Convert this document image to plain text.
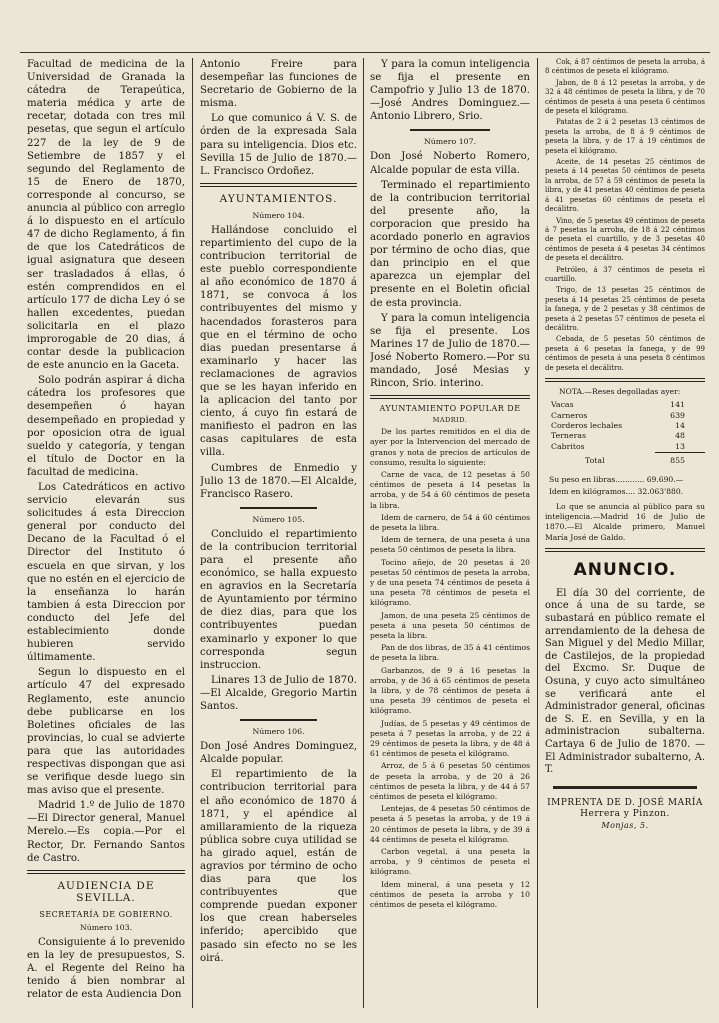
Facultad de medicina de la Universidad de Granada la cátedra de Terapeútica, materia médica y arte de recetar, dotada con tres mil pesetas, que segun el artículo 227 de la ley de 9 de Setiembre de 1857 y el segundo del Reglamento de 15 de Enero de 1870, corresponde al concurso, se anuncia al público con arreglo á lo dispuesto en el artículo 47 de dicho Reglamento, á fin de que los Catedráticos de igual asignatura que deseen ser trasladados á ellas, ó estén comprendidos en el artículo 177 de dicha Ley ó se hallen excedentes, puedan solicitarla en el plazo improrogable de 20 dias, á contar desde la publicacion de este anuncio en la Gaceta.

Solo podrán aspirar á dicha cátedra los profesores que desempeñen ó hayan desempeñado en propiedad y por oposicion otra de igual sueldo y categoría, y tengan el título de Doctor en la facultad de medicina.

Los Catedráticos en activo servicio elevarán sus solicitudes á esta Direccion general por conducto del Decano de la Facultad ó el Director del Instituto ó escuela en que sirvan, y los que no estén en el ejercicio de la enseñanza lo harán tambien á esta Direccion por conducto del Jefe del establecimiento donde hubieren servido últimamente.

Segun lo dispuesto en el artículo 47 del expresado Reglamento, este anuncio debe publicarse en los Boletines oficiales de las provincias, lo cual se advierte para que las autoridades respectivas dispongan que asi se verifique desde luego sin mas aviso que el presente.

Madrid 1.º de Julio de 1870 —El Director general, Manuel Merelo.—Es copia.—Por el Rector, Dr. Fernando Santos de Castro.

AUDIENCIA DE SEVILLA.
SECRETARÍA DE GOBIERNO.
Número 103.

Consiguiente á lo prevenido en la ley de presupuestos, S. A. el Regente del Reino ha tenido á bien nombrar al relator de esta Audiencia Don

Antonio Freire para desempeñar las funciones de Secretario de Gobierno de la misma.

Lo que comunico á V. S. de órden de la expresada Sala para su inteligencia. Dios etc. Sevilla 15 de Julio de 1870.—L. Francisco Ordoñez.

AYUNTAMIENTOS.
Número 104.

Hallándose concluido el repartimiento del cupo de la contribucion territorial de este pueblo correspondiente al año económico de 1870 á 1871, se convoca á los contribuyentes del mismo y hacendados forasteros para que en el término de ocho dias puedan presentarse á examinarlo y hacer las reclamaciones de agravios que se les hayan inferido en la aplicacion del tanto por ciento, á cuyo fin estará de manifiesto el padron en las casas capitulares de esta villa.

Cumbres de Enmedio y Julio 13 de 1870.—El Alcalde, Francisco Rasero.

Número 105.

Concluido el repartimiento de la contribucion territorial para el presente año económico, se halla expuesto en agravios en la Secretaría de Ayuntamiento por término de diez dias, para que los contribuyentes puedan examinarlo y exponer lo que corresponda segun instruccion.

Linares 13 de Julio de 1870. —El Alcalde, Gregorio Martin Santos.

Número 106.

Don José Andres Dominguez, Alcalde popular.

El repartimiento de la contribucion territorial para el año económico de 1870 á 1871, y el apéndice al amillaramiento de la riqueza pública sobre cuya utilidad se ha girado aquel, están de agravios por término de ocho dias para que los contribuyentes que comprende puedan exponer los que crean haberseles inferido; apercibido que pasado sin efecto no se les oirá.

Y para la comun inteligencia se fija el presente en Campofrio y Julio 13 de 1870.—José Andres Dominguez.—Antonio Librero, Srio.

Número 107.

Don José Noberto Romero, Alcalde popular de esta villa.

Terminado el repartimiento de la contribucion territorial del presente año, la corporacion que presido ha acordado ponerlo en agravios por término de ocho dias, que dan principio en el que aparezca un ejemplar del presente en el Boletin oficial de esta provincia.

Y para la comun inteligencia se fija el presente. Los Marines 17 de Julio de 1870.—José Noberto Romero.—Por su mandado, José Mesias y Rincon, Srio. interino.

AYUNTAMIENTO POPULAR DE
MADRID.

De los partes remitidos en el dia de ayer por la Intervencion del mercado de granos y nota de precios de artículos de consumo, resulta lo siguiente:

Carne de vaca, de 12 pesetas á 50 céntimos de peseta á 14 pesetas la arroba, y de 54 á 60 céntimos de peseta la libra.

Idem de carnero, de 54 á 60 céntimos de peseta la libra.

Idem de ternera, de una peseta á una peseta 50 céntimos de peseta la libra.

Tocino añejo, de 20 pesetas á 20 pesetas 50 céntimos de peseta la arroba, y de una peseta 74 céntimos de peseta á una peseta 78 céntimos de peseta el kilógramo.

Jamon, de una peseta 25 céntimos de peseta á una peseta 50 céntimos de peseta la libra.

Pan de dos libras, de 35 á 41 céntimos de peseta la libra.

Garbanzos, de 9 á 16 pesetas la arroba, y de 36 á 65 céntimos de peseta la libra, y de 78 céntimos de peseta á una peseta 39 céntimos de peseta el kilógramo.

Judías, de 5 pesetas y 49 céntimos de peseta á 7 pesetas la arroba, y de 22 á 29 céntimos de peseta la libra, y de 48 á 61 céntimos de peseta el kilógramo.

Arroz, de 5 á 6 pesetas 50 céntimos de peseta la arroba, y de 20 á 26 céntimos de peseta la libra, y de 44 á 57 céntimos de peseta el kilógramo.

Lentejas, de 4 pesetas 50 céntimos de peseta á 5 pesetas la arroba, y de 19 á 20 céntimos de peseta la libra, y de 39 á 44 céntimos de peseta el kilógramo.

Carbon vegetal, á una peseta la arroba, y 9 céntimos de peseta el kilógramo.

Idem mineral, á una peseta y 12 céntimos de peseta la arroba y 10 céntimos de peseta el kilógramo.

Cok, á 87 céntimos de peseta la arroba, á 8 céntimos de peseta el kilógramo.

Jabon, de 8 á 12 pesetas la arroba, y de 32 á 48 céntimos de peseta la libra, y de 70 céntimos de peseta á una peseta 6 céntimos de peseta el kilógramo.

Patatas de 2 á 2 pesetas 13 céntimos de peseta la arroba, de 8 á 9 céntimos de peseta la libra, y de 17 á 19 céntimos de peseta el kilógramo.

Aceite, de 14 pesetas 25 céntimos de peseta á 14 pesetas 50 céntimos de peseta la arroba, de 57 á 59 céntimos de peseta la libra, y de 41 pesetas 40 céntimos de peseta á 41 pesetas 60 céntimos de peseta el decálitro.

Vino, de 5 pesetas 49 céntimos de peseta á 7 pesetas la arroba, de 18 á 22 céntimos de peseta el cuartillo, y de 3 pesetas 40 céntimos de peseta á 4 pesetas 34 céntimos de peseta el decálitro.

Petróleo, á 37 céntimos de peseta el cuartillo.

Trigo, de 13 pesetas 25 céntimos de peseta á 14 pesetas 25 céntimos de peseta la fanega, y de 2 pesetas y 38 céntimos de peseta á 2 pesetas 57 céntimos de peseta el decálitro.

Cebada, de 5 pesetas 50 céntimos de peseta á 6 pesetas la fanega, y de 99 céntimos de peseta á una peseta 8 céntimos de peseta el decálitro.

NOTA.—Reses degolladas ayer:

Vacas	141
Carneros	639
Corderos lechales	14
Terneras	48
Cabritos	13
Total	855

Su peso en libras............ 69.690.—

Idem en kilógramos.... 32.063'880.

Lo que se anuncia al público para su inteligencia.—Madrid 16 de Julio de 1870.—El Alcalde primero, Manuel María José de Galdo.

ANUNCIO.

El día 30 del corriente, de once á una de su tarde, se subastará en público remate el arrendamiento de la dehesa de San Miguel y del Medio Millar, de Castilejos, de la propiedad del Excmo. Sr. Duque de Osuna, y cuyo acto simultáneo se verificará ante el Administrador general, oficinas de S. E. en Sevilla, y en la administracion subalterna. Cartaya 6 de Julio de 1870. —El Administrador subalterno, A. T.

IMPRENTA DE D. JOSÉ MARÍA Herrera y Pinzon.
Monjas, 5.
